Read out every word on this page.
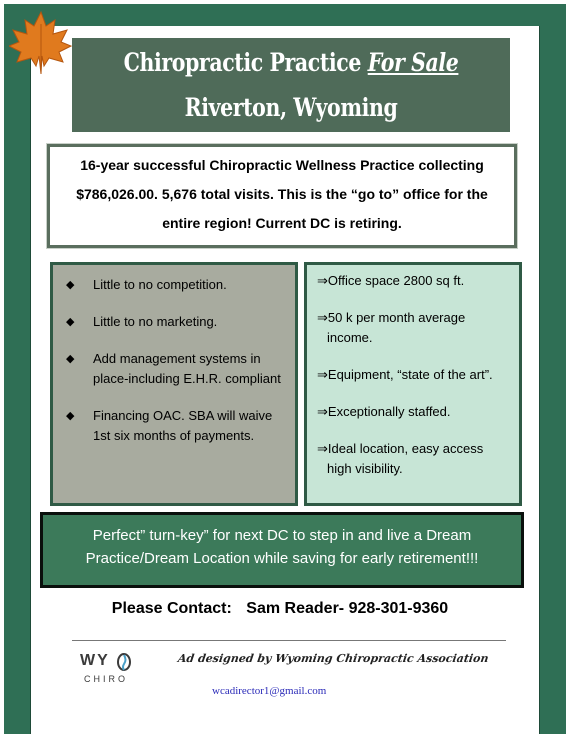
Chiropractic Practice For Sale
Riverton, Wyoming
16-year successful Chiropractic Wellness Practice collecting $786,026.00. 5,676 total visits. This is the “go to” office for the entire region! Current DC is retiring.
◆ Little to no competition.
◆ Little to no marketing.
◆ Add management systems in place-including E.H.R. compliant
◆ Financing OAC. SBA will waive 1st six months of payments.
⇒Office space 2800 sq ft.
⇒50 k per month average income.
⇒Equipment, “state of the art”.
⇒Exceptionally staffed.
⇒Ideal location, easy access high visibility.
Perfect” turn-key” for next DC to step in and live a Dream Practice/Dream Location while saving for early retirement!!!
Please Contact: Sam Reader- 928-301-9360
WY
CHIRO
Ad designed by Wyoming Chiropractic Association
wcadirector1@gmail.com
